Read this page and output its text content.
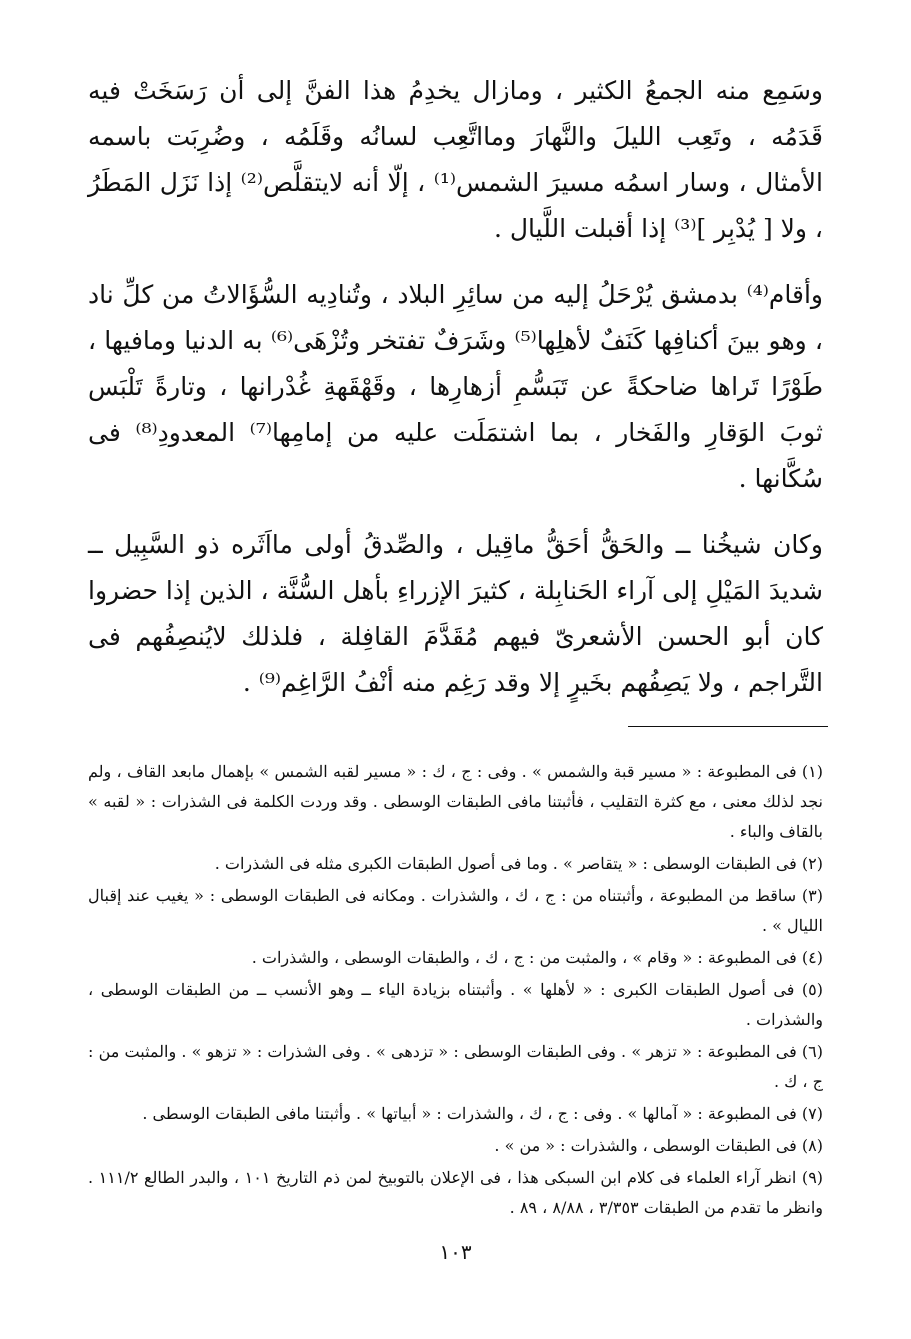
وسَمِع منه الجمعُ الكثير ، ومازال يخدِمُ هذا الفنَّ إلى أن رَسَخَتْ فيه قَدَمُه ، وتَعِب الليلَ والنَّهارَ ومااتَّعِب لسانُه وقَلَمُه ، وضُرِبَت باسمه الأمثال ، وسار اسمُه مسيرَ الشمس⁽¹⁾ ، إلّا أنه لايتقلَّص⁽²⁾ إذا نَزَل المَطَرُ ، ولا [ يُدْبِر ]⁽³⁾ إذا أقبلت اللَّيال .

وأقام⁽⁴⁾ بدمشق يُرْحَلُ إليه من سائِرِ البلاد ، وتُنادِيه السُّؤَالاتُ من كلِّ ناد ، وهو بينَ أكنافِها كَنَفٌ لأهلِها⁽⁵⁾ وشَرَفٌ تفتخر وتُزْهَى⁽⁶⁾ به الدنيا ومافيها ، طَوْرًا تَراها ضاحكةً عن تَبَسُّمِ أزهارِها ، وقَهْقَهةِ غُدْرانها ، وتارةً تَلْبَس ثوبَ الوَقارِ والفَخار ، بما اشتمَلَت عليه من إمامِها⁽⁷⁾ المعدودِ⁽⁸⁾ فى سُكَّانها .

وكان شيخُنا ــ والحَقُّ أحَقُّ ماقِيل ، والصِّدقُ أولى مااَثَره ذو السَّبِيل ــ شديدَ المَيْلِ إلى آراء الحَنابِلة ، كثيرَ الإزراءِ بأهل السُّنَّة ، الذين إذا حضروا كان أبو الحسن الأشعرىّ فيهم مُقَدَّمَ القافِلة ، فلذلك لايُنصِفُهم فى التَّراجم ، ولا يَصِفُهم بخَيرٍ إلا وقد رَغِم منه أنْفُ الرَّاغِم⁽⁹⁾ .

(١) فى المطبوعة : « مسير قبة والشمس » . وفى : ج ، ك : « مسير لقبه الشمس » بإهمال مابعد القاف ، ولم نجد لذلك معنى ، مع كثرة التقليب ، فأثبتنا مافى الطبقات الوسطى . وقد وردت الكلمة فى الشذرات : « لقبه » بالقاف والباء .

(٢) فى الطبقات الوسطى : « يتقاصر » . وما فى أصول الطبقات الكبرى مثله فى الشذرات .

(٣) ساقط من المطبوعة ، وأثبتناه من : ج ، ك ، والشذرات . ومكانه فى الطبقات الوسطى : « يغيب عند إقبال الليال » .

(٤) فى المطبوعة : « وقام » ، والمثبت من : ج ، ك ، والطبقات الوسطى ، والشذرات .

(٥) فى أصول الطبقات الكبرى : « لأهلها » . وأثبتناه بزيادة الياء ــ وهو الأنسب ــ من الطبقات الوسطى ، والشذرات .

(٦) فى المطبوعة : « تزهر » . وفى الطبقات الوسطى : « تزدهى » . وفى الشذرات : « تزهو » . والمثبت من : ج ، ك .

(٧) فى المطبوعة : « آمالها » . وفى : ج ، ك ، والشذرات : « أبياتها » . وأثبتنا مافى الطبقات الوسطى .

(٨) فى الطبقات الوسطى ، والشذرات : « من » .

(٩) انظر آراء العلماء فى كلام ابن السبكى هذا ، فى الإعلان بالتوبيخ لمن ذم التاريخ ١٠١ ، والبدر الطالع ١١١/٢ . وانظر ما تقدم من الطبقات ٣/٣٥٣ ، ٨/٨٨ ، ٨٩ .

١٠٣
